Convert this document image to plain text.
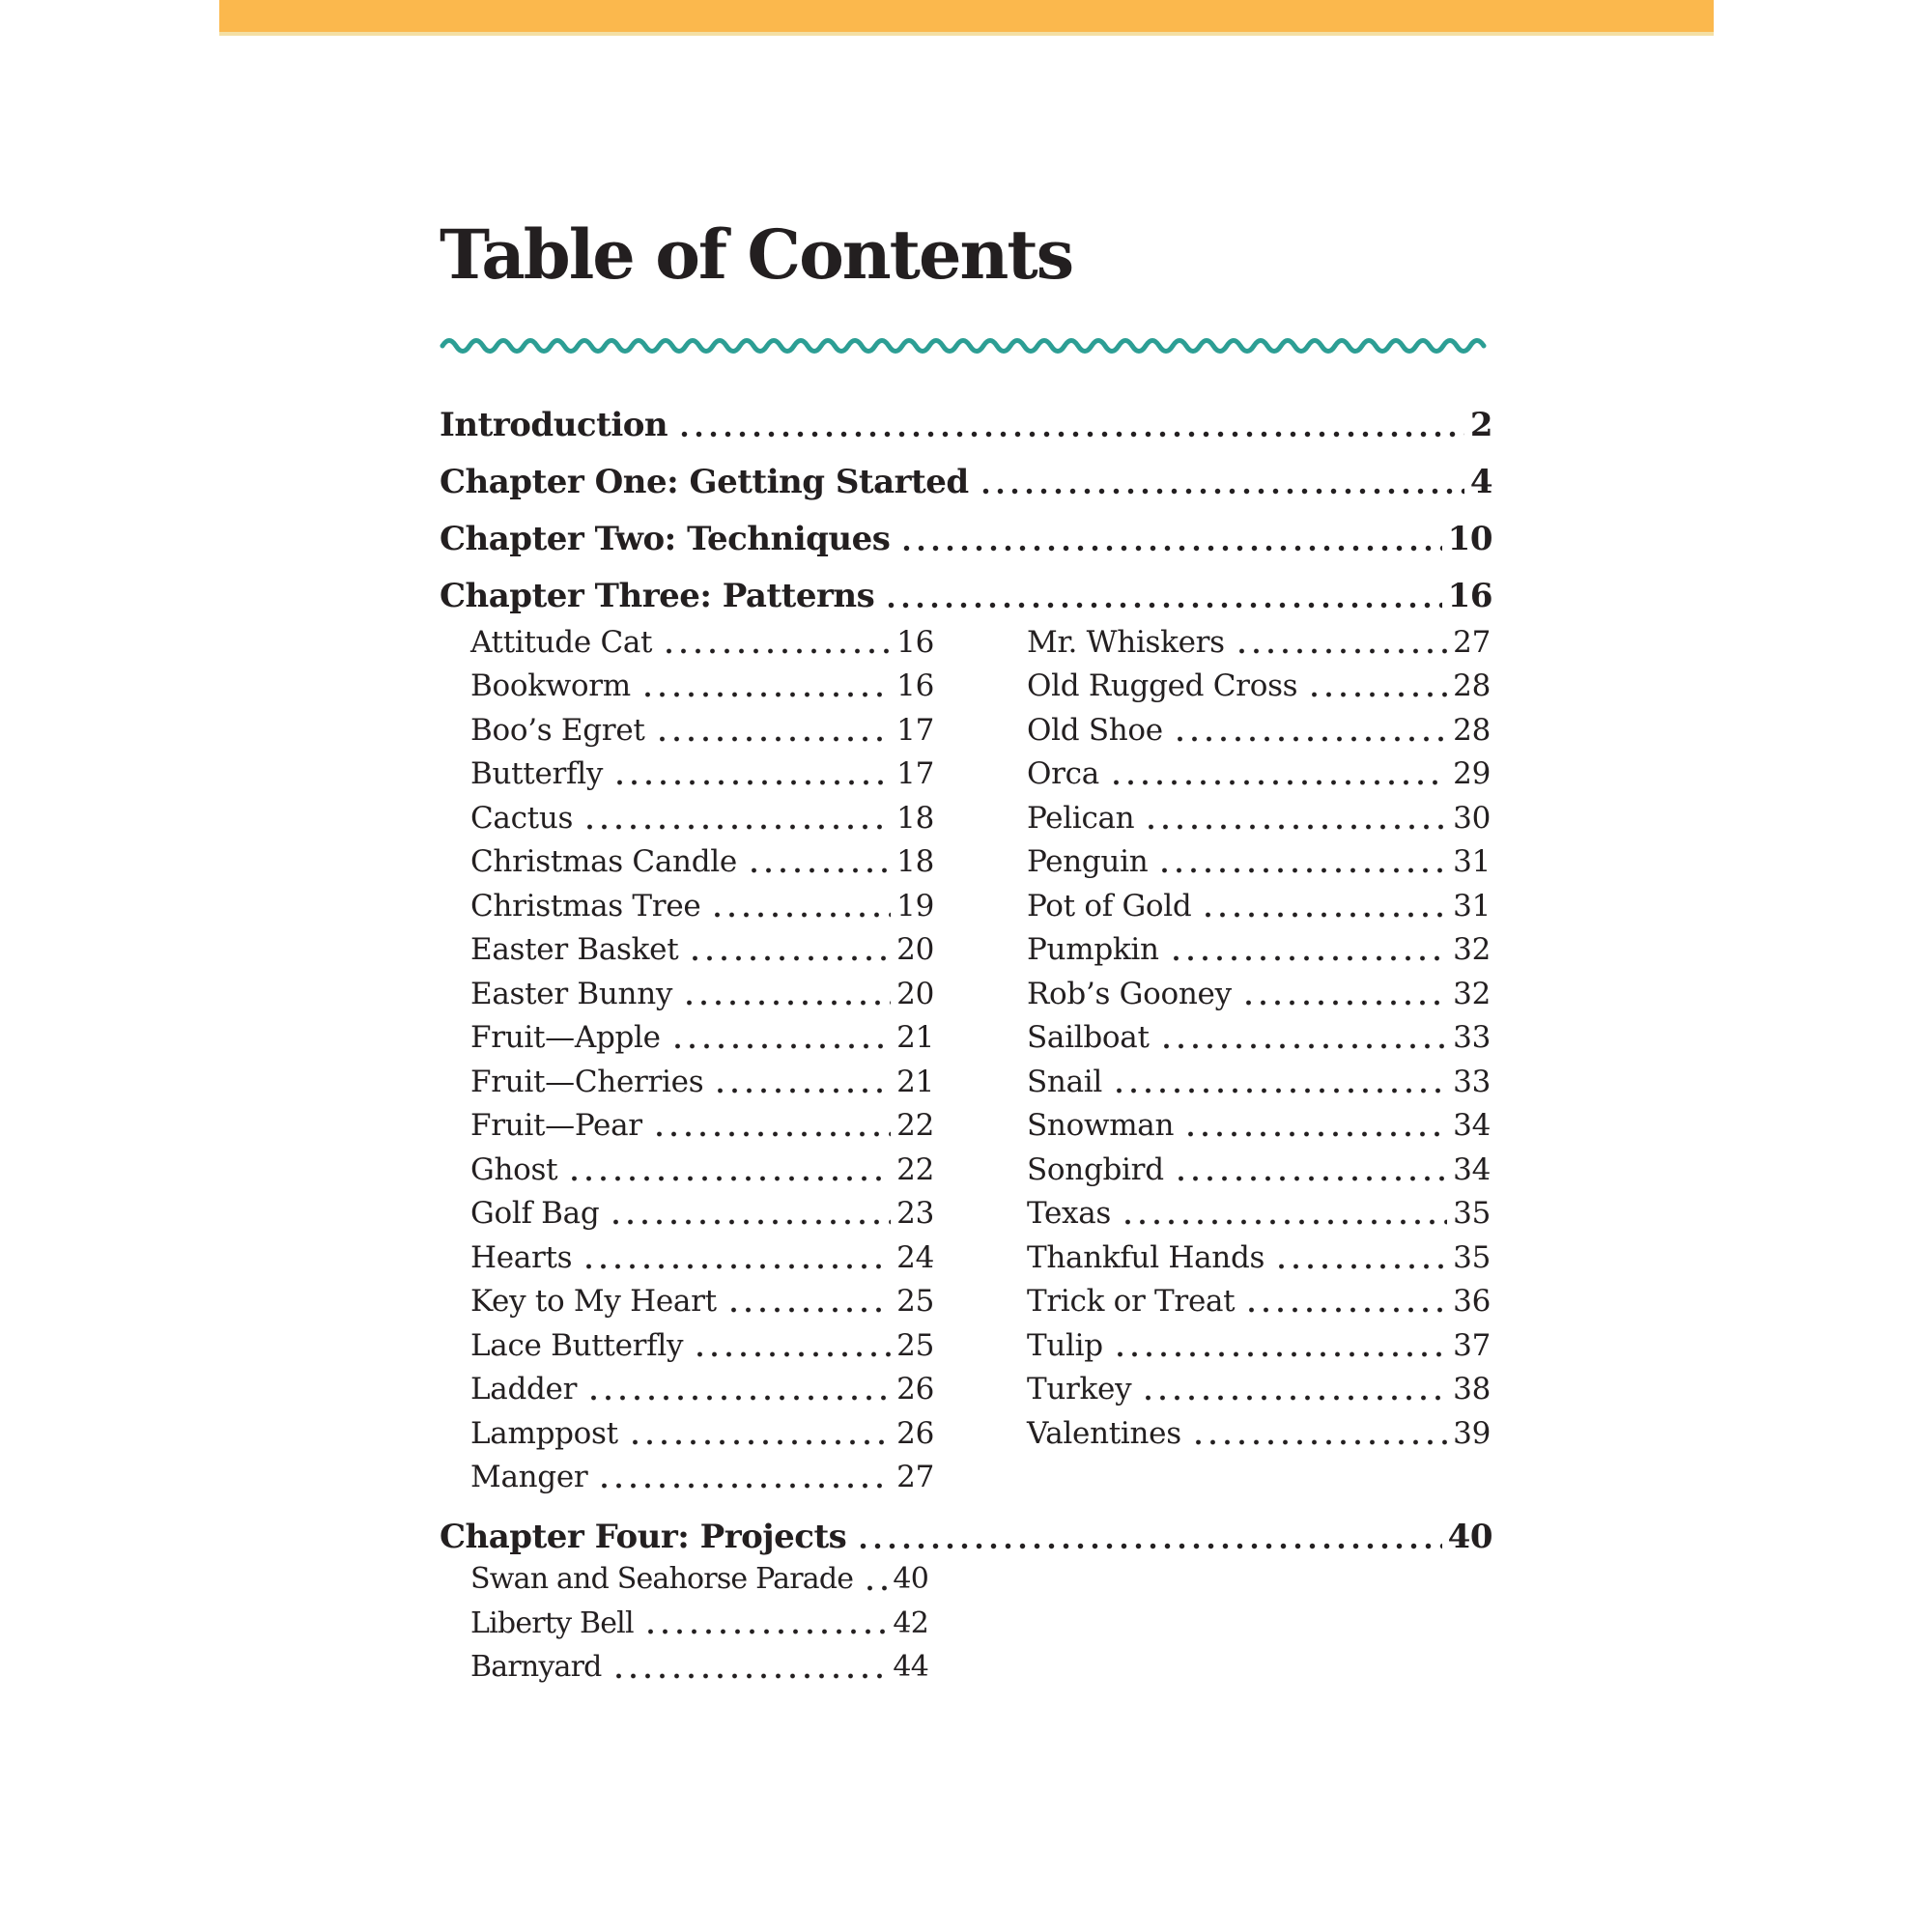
Table of Contents
Introduction	2
Chapter One: Getting Started	4
Chapter Two: Techniques	10
Chapter Three: Patterns	16
Attitude Cat	16
Bookworm	16
Boo’s Egret	17
Butterfly	17
Cactus	18
Christmas Candle	18
Christmas Tree	19
Easter Basket	20
Easter Bunny	20
Fruit—Apple	21
Fruit—Cherries	21
Fruit—Pear	22
Ghost	22
Golf Bag	23
Hearts	24
Key to My Heart	25
Lace Butterfly	25
Ladder	26
Lamppost	26
Manger	27
Mr. Whiskers	27
Old Rugged Cross	28
Old Shoe	28
Orca	29
Pelican	30
Penguin	31
Pot of Gold	31
Pumpkin	32
Rob’s Gooney	32
Sailboat	33
Snail	33
Snowman	34
Songbird	34
Texas	35
Thankful Hands	35
Trick or Treat	36
Tulip	37
Turkey	38
Valentines	39
Chapter Four: Projects	40
Swan and Seahorse Parade 40
Liberty Bell	42
Barnyard	44
